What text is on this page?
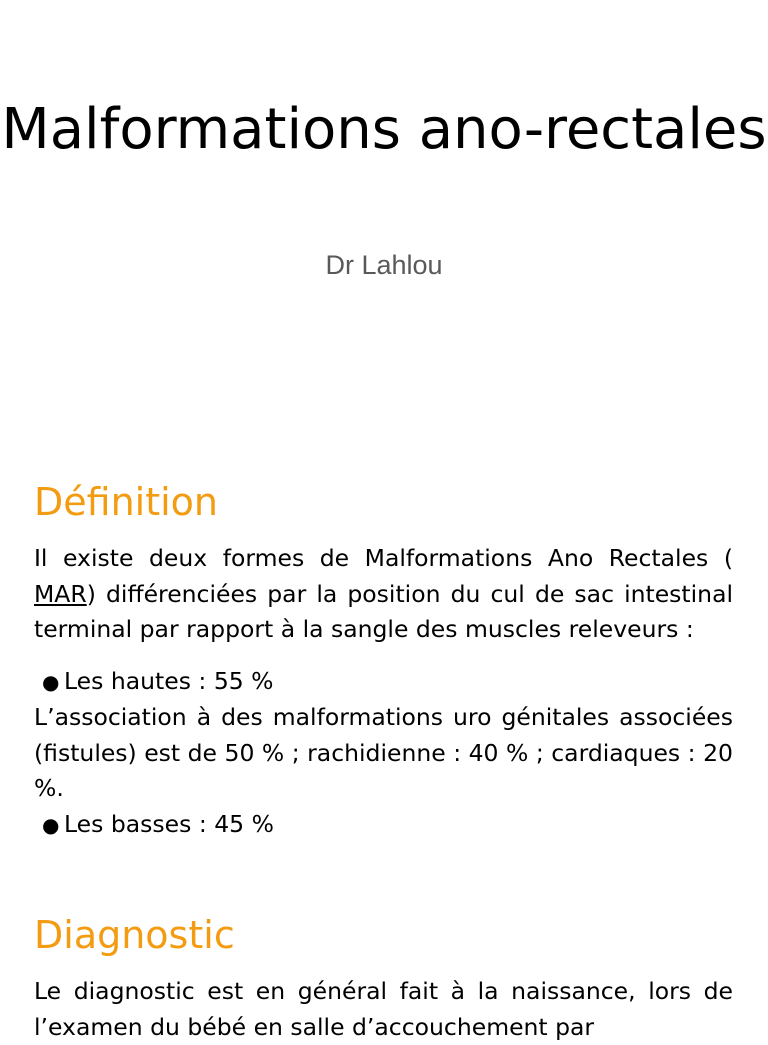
Malformations ano-rectales
Dr Lahlou
Définition

Il existe deux formes de Malformations Ano Rectales ( MAR) différenciées par la position du cul de sac intestinal terminal par rapport à la sangle des muscles releveurs :

● Les hautes : 55 %

L’association à des malformations uro génitales associées (fistules) est de 50 % ; rachidienne : 40 % ; cardiaques : 20 %.

● Les basses : 45 %

Diagnostic

Le diagnostic est en général fait à la naissance, lors de l’examen du bébé en salle d’accouchement par
